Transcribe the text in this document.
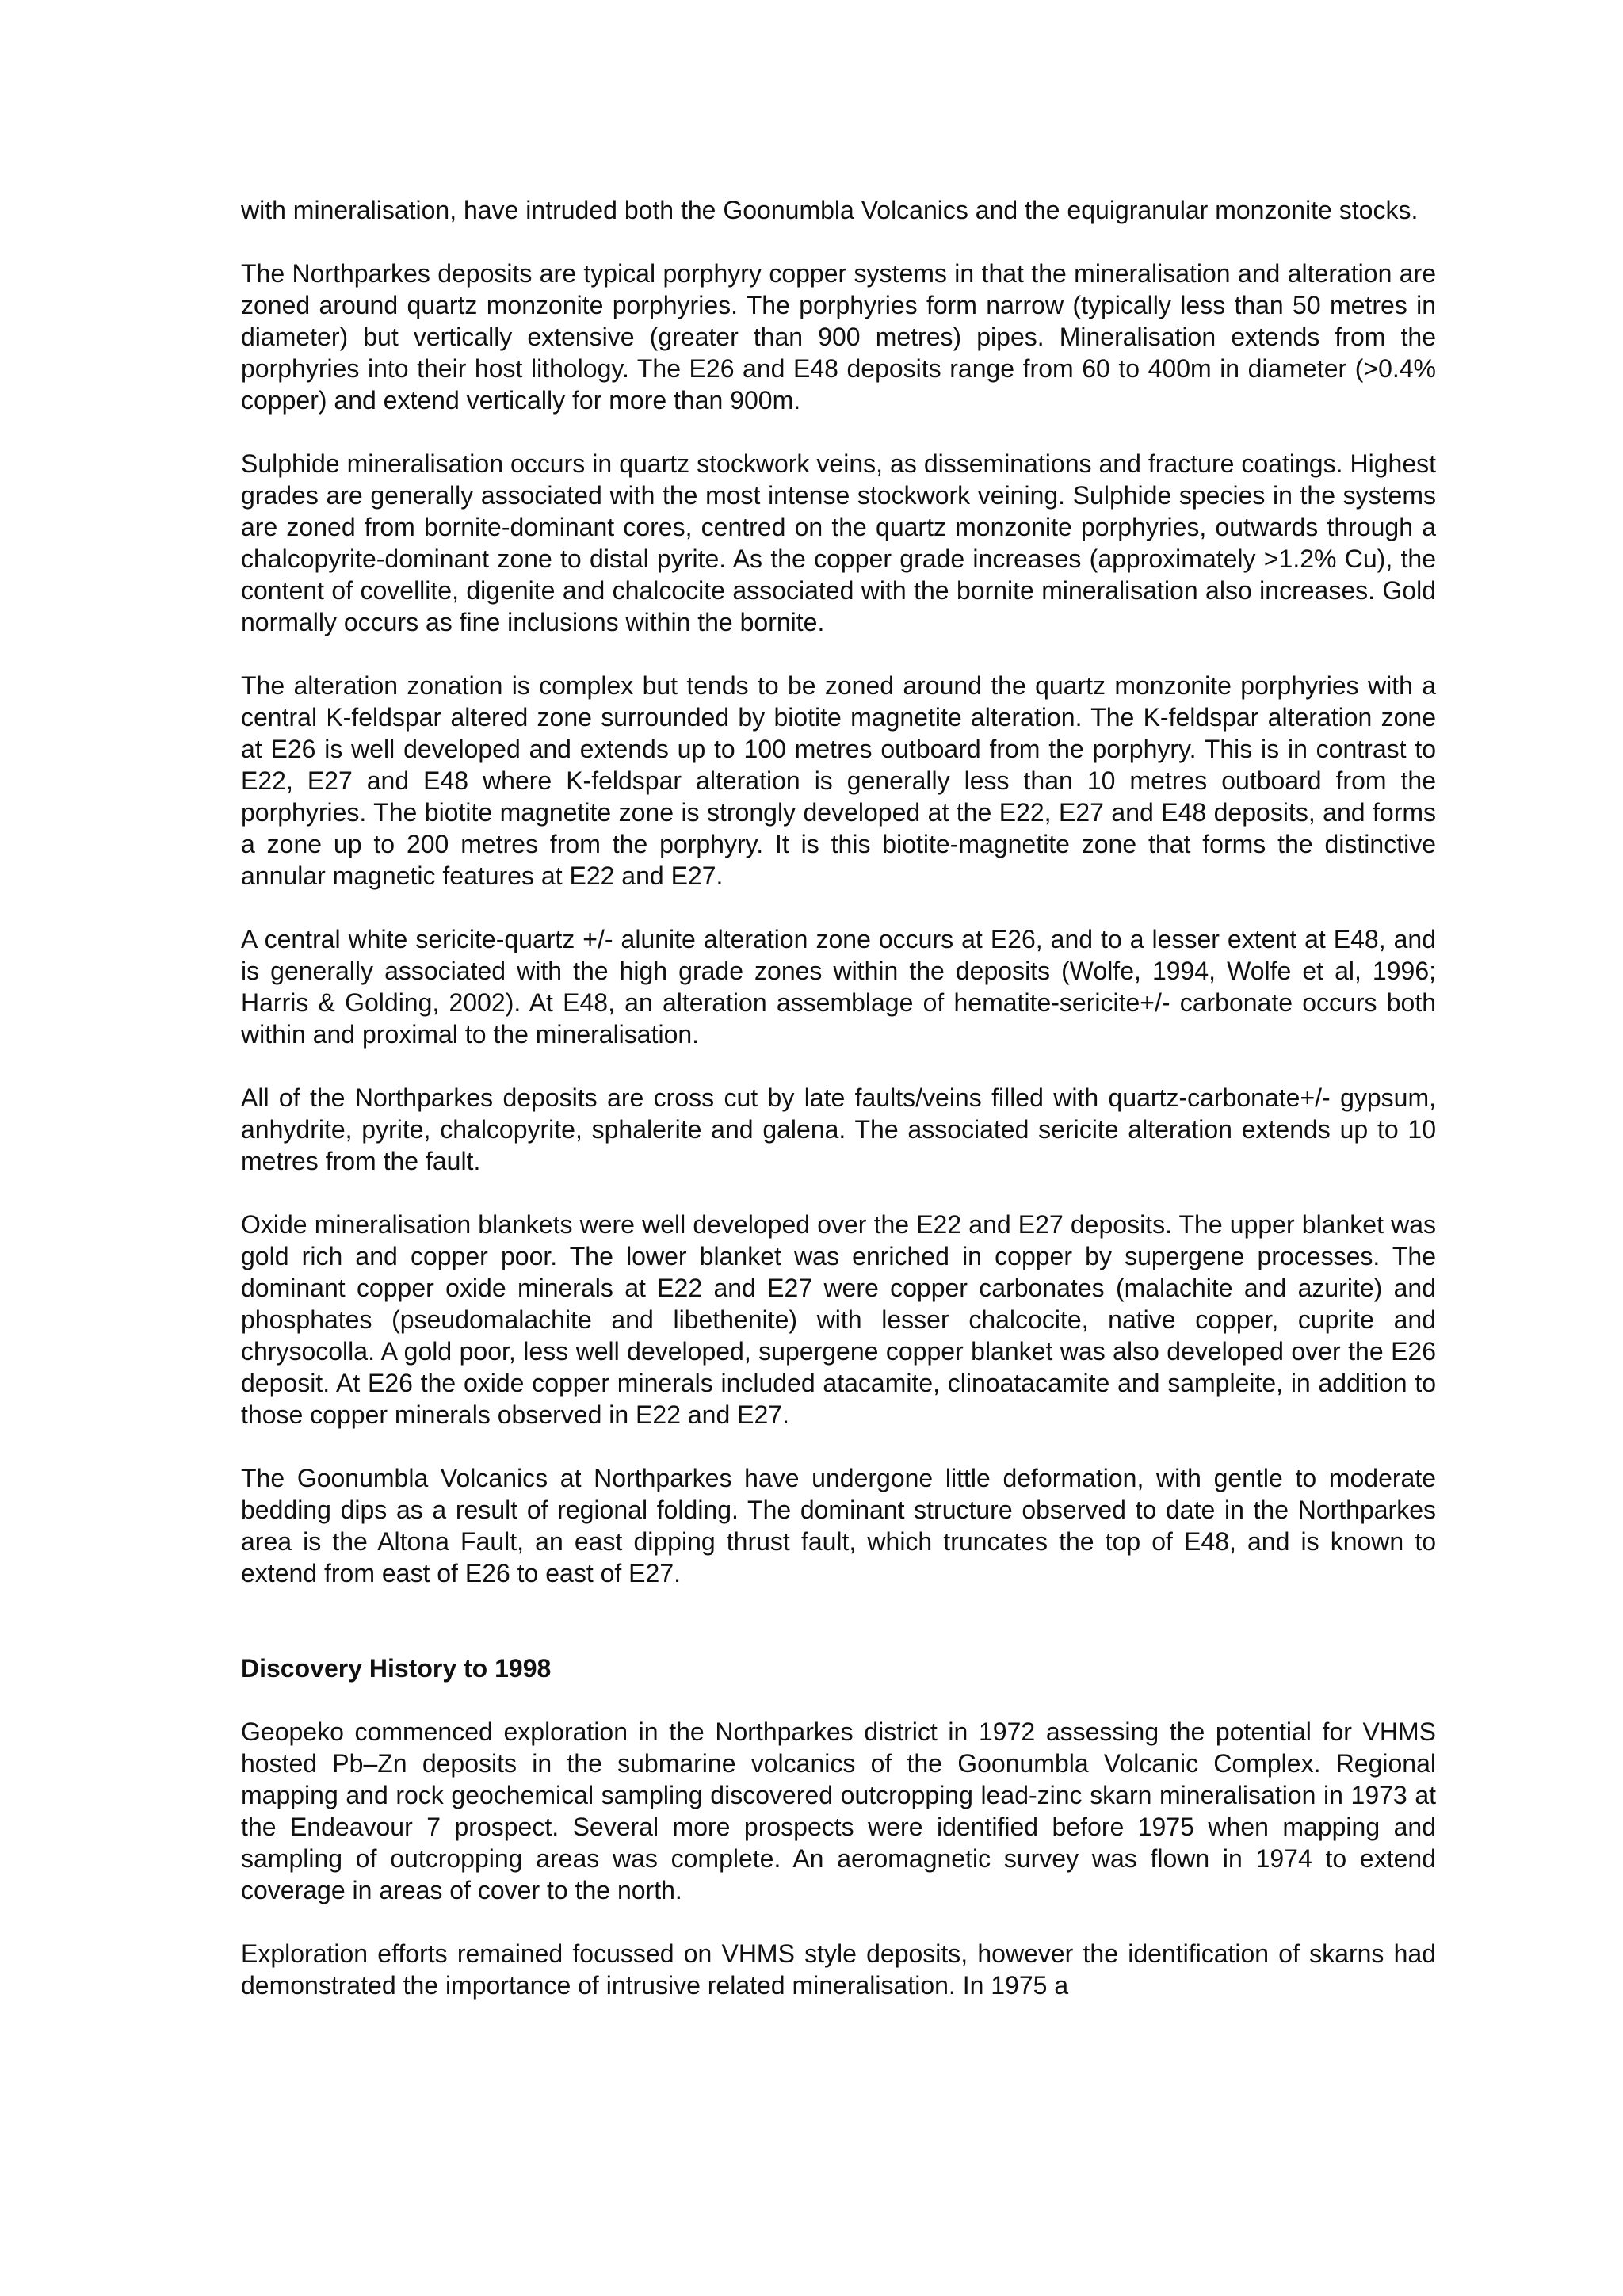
with mineralisation, have intruded both the Goonumbla Volcanics and the equigranular monzonite stocks.

The Northparkes deposits are typical porphyry copper systems in that the mineralisation and alteration are zoned around quartz monzonite porphyries. The porphyries form narrow (typically less than 50 metres in diameter) but vertically extensive (greater than 900 metres) pipes. Mineralisation extends from the porphyries into their host lithology. The E26 and E48 deposits range from 60 to 400m in diameter (>0.4% copper) and extend vertically for more than 900m.

Sulphide mineralisation occurs in quartz stockwork veins, as disseminations and fracture coatings. Highest grades are generally associated with the most intense stockwork veining. Sulphide species in the systems are zoned from bornite-dominant cores, centred on the quartz monzonite porphyries, outwards through a chalcopyrite-dominant zone to distal pyrite. As the copper grade increases (approximately >1.2% Cu), the content of covellite, digenite and chalcocite associated with the bornite mineralisation also increases. Gold normally occurs as fine inclusions within the bornite.

The alteration zonation is complex but tends to be zoned around the quartz monzonite porphyries with a central K-feldspar altered zone surrounded by biotite magnetite alteration. The K-feldspar alteration zone at E26 is well developed and extends up to 100 metres outboard from the porphyry. This is in contrast to E22, E27 and E48 where K-feldspar alteration is generally less than 10 metres outboard from the porphyries. The biotite magnetite zone is strongly developed at the E22, E27 and E48 deposits, and forms a zone up to 200 metres from the porphyry. It is this biotite-magnetite zone that forms the distinctive annular magnetic features at E22 and E27.

A central white sericite-quartz +/- alunite alteration zone occurs at E26, and to a lesser extent at E48, and is generally associated with the high grade zones within the deposits (Wolfe, 1994, Wolfe et al, 1996; Harris & Golding, 2002). At E48, an alteration assemblage of hematite-sericite+/- carbonate occurs both within and proximal to the mineralisation.

All of the Northparkes deposits are cross cut by late faults/veins filled with quartz-carbonate+/- gypsum, anhydrite, pyrite, chalcopyrite, sphalerite and galena. The associated sericite alteration extends up to 10 metres from the fault.

Oxide mineralisation blankets were well developed over the E22 and E27 deposits. The upper blanket was gold rich and copper poor. The lower blanket was enriched in copper by supergene processes. The dominant copper oxide minerals at E22 and E27 were copper carbonates (malachite and azurite) and phosphates (pseudomalachite and libethenite) with lesser chalcocite, native copper, cuprite and chrysocolla. A gold poor, less well developed, supergene copper blanket was also developed over the E26 deposit. At E26 the oxide copper minerals included atacamite, clinoatacamite and sampleite, in addition to those copper minerals observed in E22 and E27.

The Goonumbla Volcanics at Northparkes have undergone little deformation, with gentle to moderate bedding dips as a result of regional folding. The dominant structure observed to date in the Northparkes area is the Altona Fault, an east dipping thrust fault, which truncates the top of E48, and is known to extend from east of E26 to east of E27.

Discovery History to 1998

Geopeko commenced exploration in the Northparkes district in 1972 assessing the potential for VHMS hosted Pb–Zn deposits in the submarine volcanics of the Goonumbla Volcanic Complex. Regional mapping and rock geochemical sampling discovered outcropping lead-zinc skarn mineralisation in 1973 at the Endeavour 7 prospect. Several more prospects were identified before 1975 when mapping and sampling of outcropping areas was complete. An aeromagnetic survey was flown in 1974 to extend coverage in areas of cover to the north.

Exploration efforts remained focussed on VHMS style deposits, however the identification of skarns had demonstrated the importance of intrusive related mineralisation. In 1975 a
